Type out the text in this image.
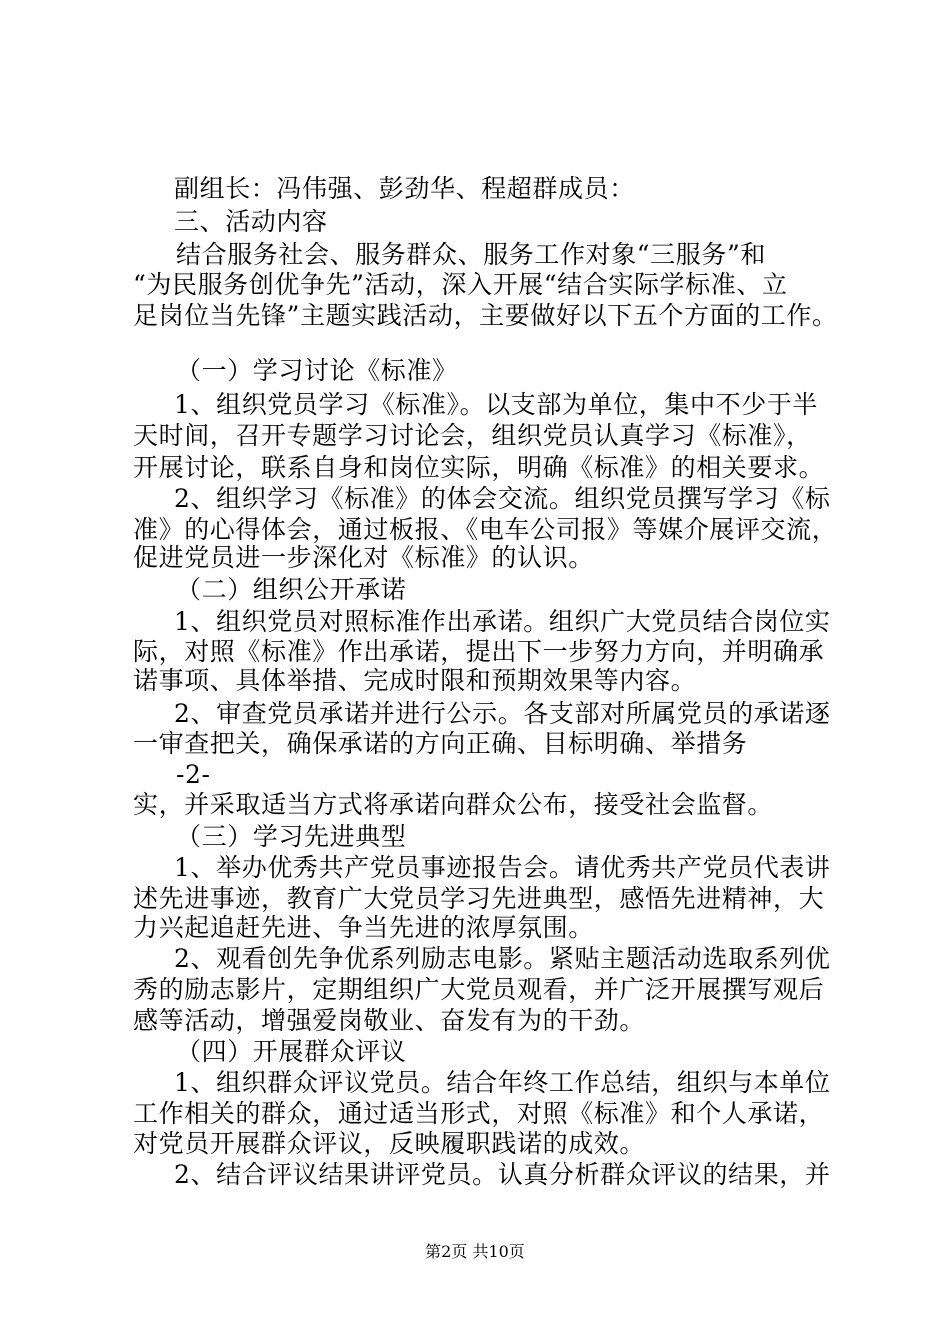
副组长：冯伟强、彭劲华、程超群成员：
三、活动内容
结合服务社会、服务群众、服务工作对象“三服务”和
“为民服务创优争先”活动，深入开展“结合实际学标准、立
足岗位当先锋”主题实践活动，主要做好以下五个方面的工作。
（一）学习讨论《标准》
1、组织党员学习《标准》。以支部为单位，集中不少于半
天时间，召开专题学习讨论会，组织党员认真学习《标准》，
开展讨论，联系自身和岗位实际，明确《标准》的相关要求。
2、组织学习《标准》的体会交流。组织党员撰写学习《标
准》的心得体会，通过板报、《电车公司报》等媒介展评交流，
促进党员进一步深化对《标准》的认识。
（二）组织公开承诺
1、组织党员对照标准作出承诺。组织广大党员结合岗位实
际，对照《标准》作出承诺，提出下一步努力方向，并明确承
诺事项、具体举措、完成时限和预期效果等内容。
2、审查党员承诺并进行公示。各支部对所属党员的承诺逐
一审查把关，确保承诺的方向正确、目标明确、举措务
-2-
实，并采取适当方式将承诺向群众公布，接受社会监督。
（三）学习先进典型
1、举办优秀共产党员事迹报告会。请优秀共产党员代表讲
述先进事迹，教育广大党员学习先进典型，感悟先进精神，大
力兴起追赶先进、争当先进的浓厚氛围。
2、观看创先争优系列励志电影。紧贴主题活动选取系列优
秀的励志影片，定期组织广大党员观看，并广泛开展撰写观后
感等活动，增强爱岗敬业、奋发有为的干劲。
（四）开展群众评议
1、组织群众评议党员。结合年终工作总结，组织与本单位
工作相关的群众，通过适当形式，对照《标准》和个人承诺，
对党员开展群众评议，反映履职践诺的成效。
2、结合评议结果讲评党员。认真分析群众评议的结果，并
第2页 共10页
